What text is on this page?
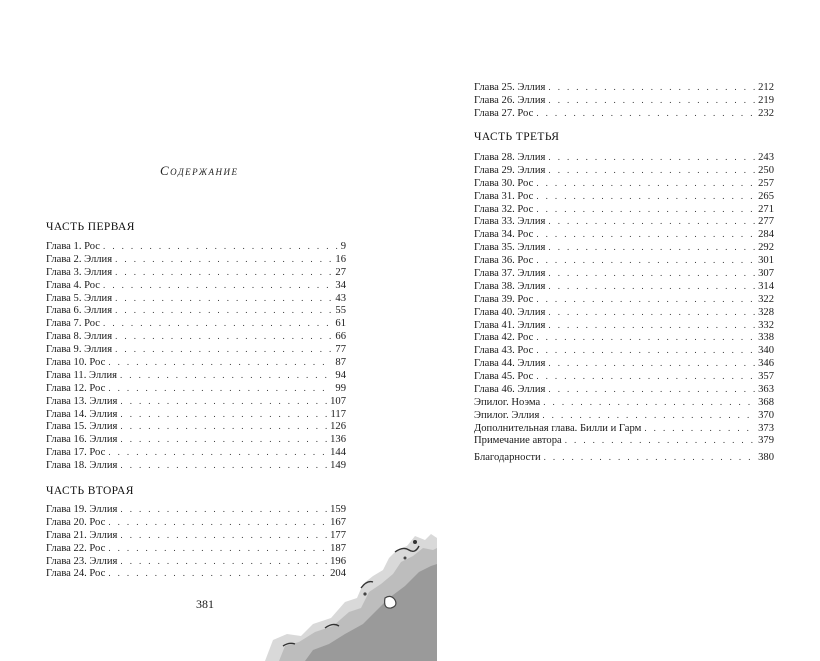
Содержание
ЧАСТЬ ПЕРВАЯ
Глава 1. Рос . . .	9
Глава 2. Эллия . . .	16
Глава 3. Эллия . . .	27
Глава 4. Рос . . .	34
Глава 5. Эллия . . .	43
Глава 6. Эллия . . .	55
Глава 7. Рос . . .	61
Глава 8. Эллия . . .	66
Глава 9. Эллия . . .	77
Глава 10. Рос . . .	87
Глава 11. Эллия . . .	94
Глава 12. Рос . . .	99
Глава 13. Эллия . . .	107
Глава 14. Эллия . . .	117
Глава 15. Эллия . . .	126
Глава 16. Эллия . . .	136
Глава 17. Рос . . .	144
Глава 18. Эллия . . .	149
ЧАСТЬ ВТОРАЯ
Глава 19. Эллия . . .	159
Глава 20. Рос . . .	167
Глава 21. Эллия . . .	177
Глава 22. Рос . . .	187
Глава 23. Эллия . . .	196
Глава 24. Рос . . .	204
381
Глава 25. Эллия . . .	212
Глава 26. Эллия . . .	219
Глава 27. Рос . . .	232
ЧАСТЬ ТРЕТЬЯ
Глава 28. Эллия . . .	243
Глава 29. Эллия . . .	250
Глава 30. Рос . . .	257
Глава 31. Рос . . .	265
Глава 32. Рос . . .	271
Глава 33. Эллия . . .	277
Глава 34. Рос . . .	284
Глава 35. Эллия . . .	292
Глава 36. Рос . . .	301
Глава 37. Эллия . . .	307
Глава 38. Эллия . . .	314
Глава 39. Рос . . .	322
Глава 40. Эллия . . .	328
Глава 41. Эллия . . .	332
Глава 42. Рос . . .	338
Глава 43. Рос . . .	340
Глава 44. Эллия . . .	346
Глава 45. Рос . . .	357
Глава 46. Эллия . . .	363
Эпилог. Ноэма . . .	368
Эпилог. Эллия . . .	370
Дополнительная глава. Билли и Гарм . . .	373
Примечание автора . . .	379
Благодарности . . .	380
